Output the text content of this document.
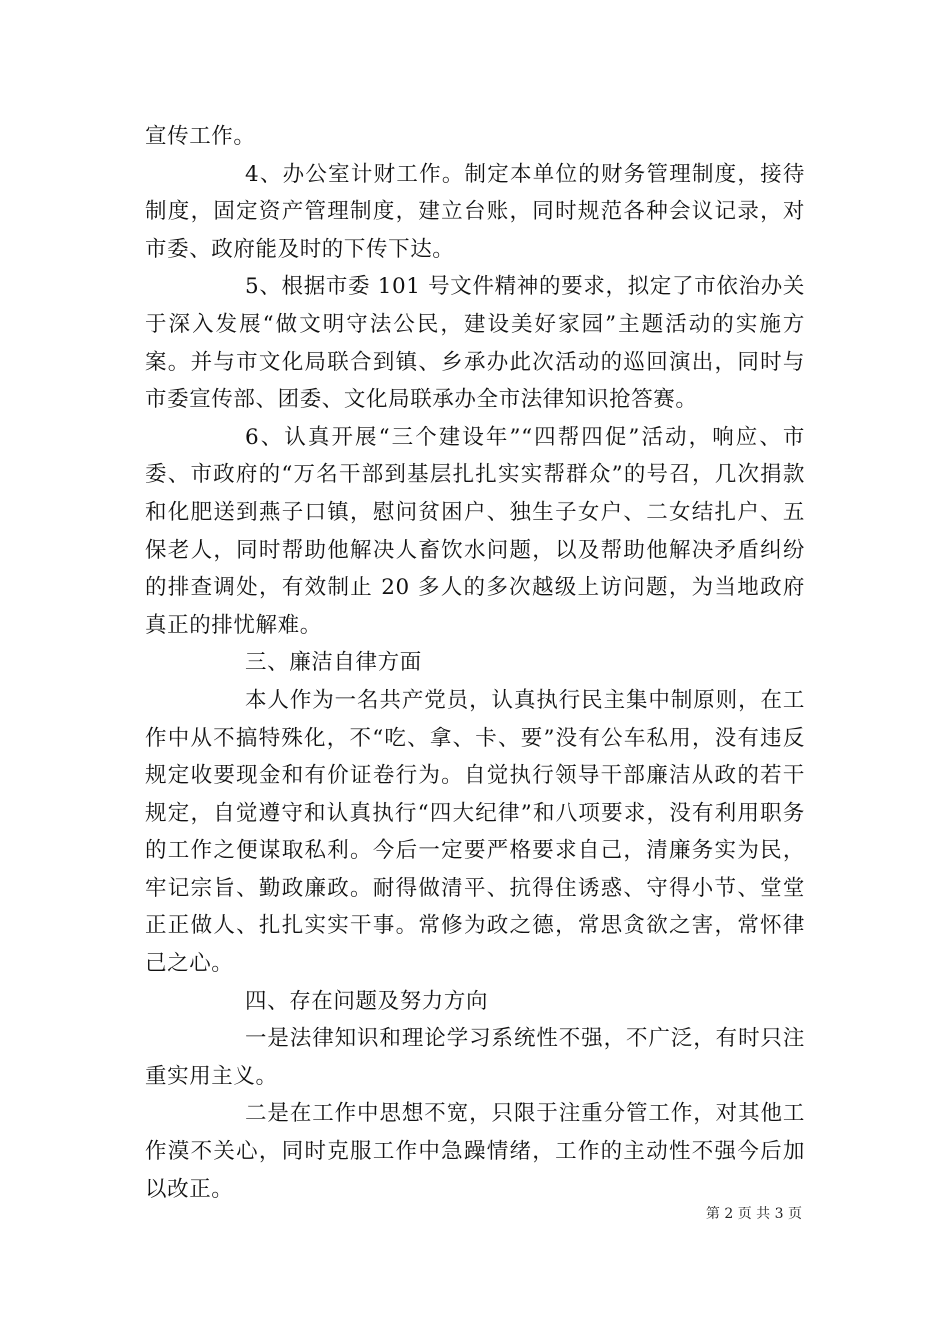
宣传工作。

4、办公室计财工作。制定本单位的财务管理制度，接待制度，固定资产管理制度，建立台账，同时规范各种会议记录，对市委、政府能及时的下传下达。

5、根据市委 101 号文件精神的要求，拟定了市依治办关于深入发展“做文明守法公民，建设美好家园”主题活动的实施方案。并与市文化局联合到镇、乡承办此次活动的巡回演出，同时与市委宣传部、团委、文化局联承办全市法律知识抢答赛。

6、认真开展“三个建设年”“四帮四促”活动，响应、市委、市政府的“万名干部到基层扎扎实实帮群众”的号召，几次捐款和化肥送到燕子口镇，慰问贫困户、独生子女户、二女结扎户、五保老人，同时帮助他解决人畜饮水问题，以及帮助他解决矛盾纠纷的排查调处，有效制止 20 多人的多次越级上访问题，为当地政府真正的排忧解难。

三、廉洁自律方面

本人作为一名共产党员，认真执行民主集中制原则，在工作中从不搞特殊化，不“吃、拿、卡、要”没有公车私用，没有违反规定收要现金和有价证卷行为。自觉执行领导干部廉洁从政的若干规定，自觉遵守和认真执行“四大纪律”和八项要求，没有利用职务的工作之便谋取私利。今后一定要严格要求自己，清廉务实为民，牢记宗旨、勤政廉政。耐得做清平、抗得住诱惑、守得小节、堂堂正正做人、扎扎实实干事。常修为政之德，常思贪欲之害，常怀律己之心。

四、存在问题及努力方向

一是法律知识和理论学习系统性不强，不广泛，有时只注重实用主义。

二是在工作中思想不宽，只限于注重分管工作，对其他工作漠不关心，同时克服工作中急躁情绪，工作的主动性不强今后加以改正。

第 2 页 共 3 页
